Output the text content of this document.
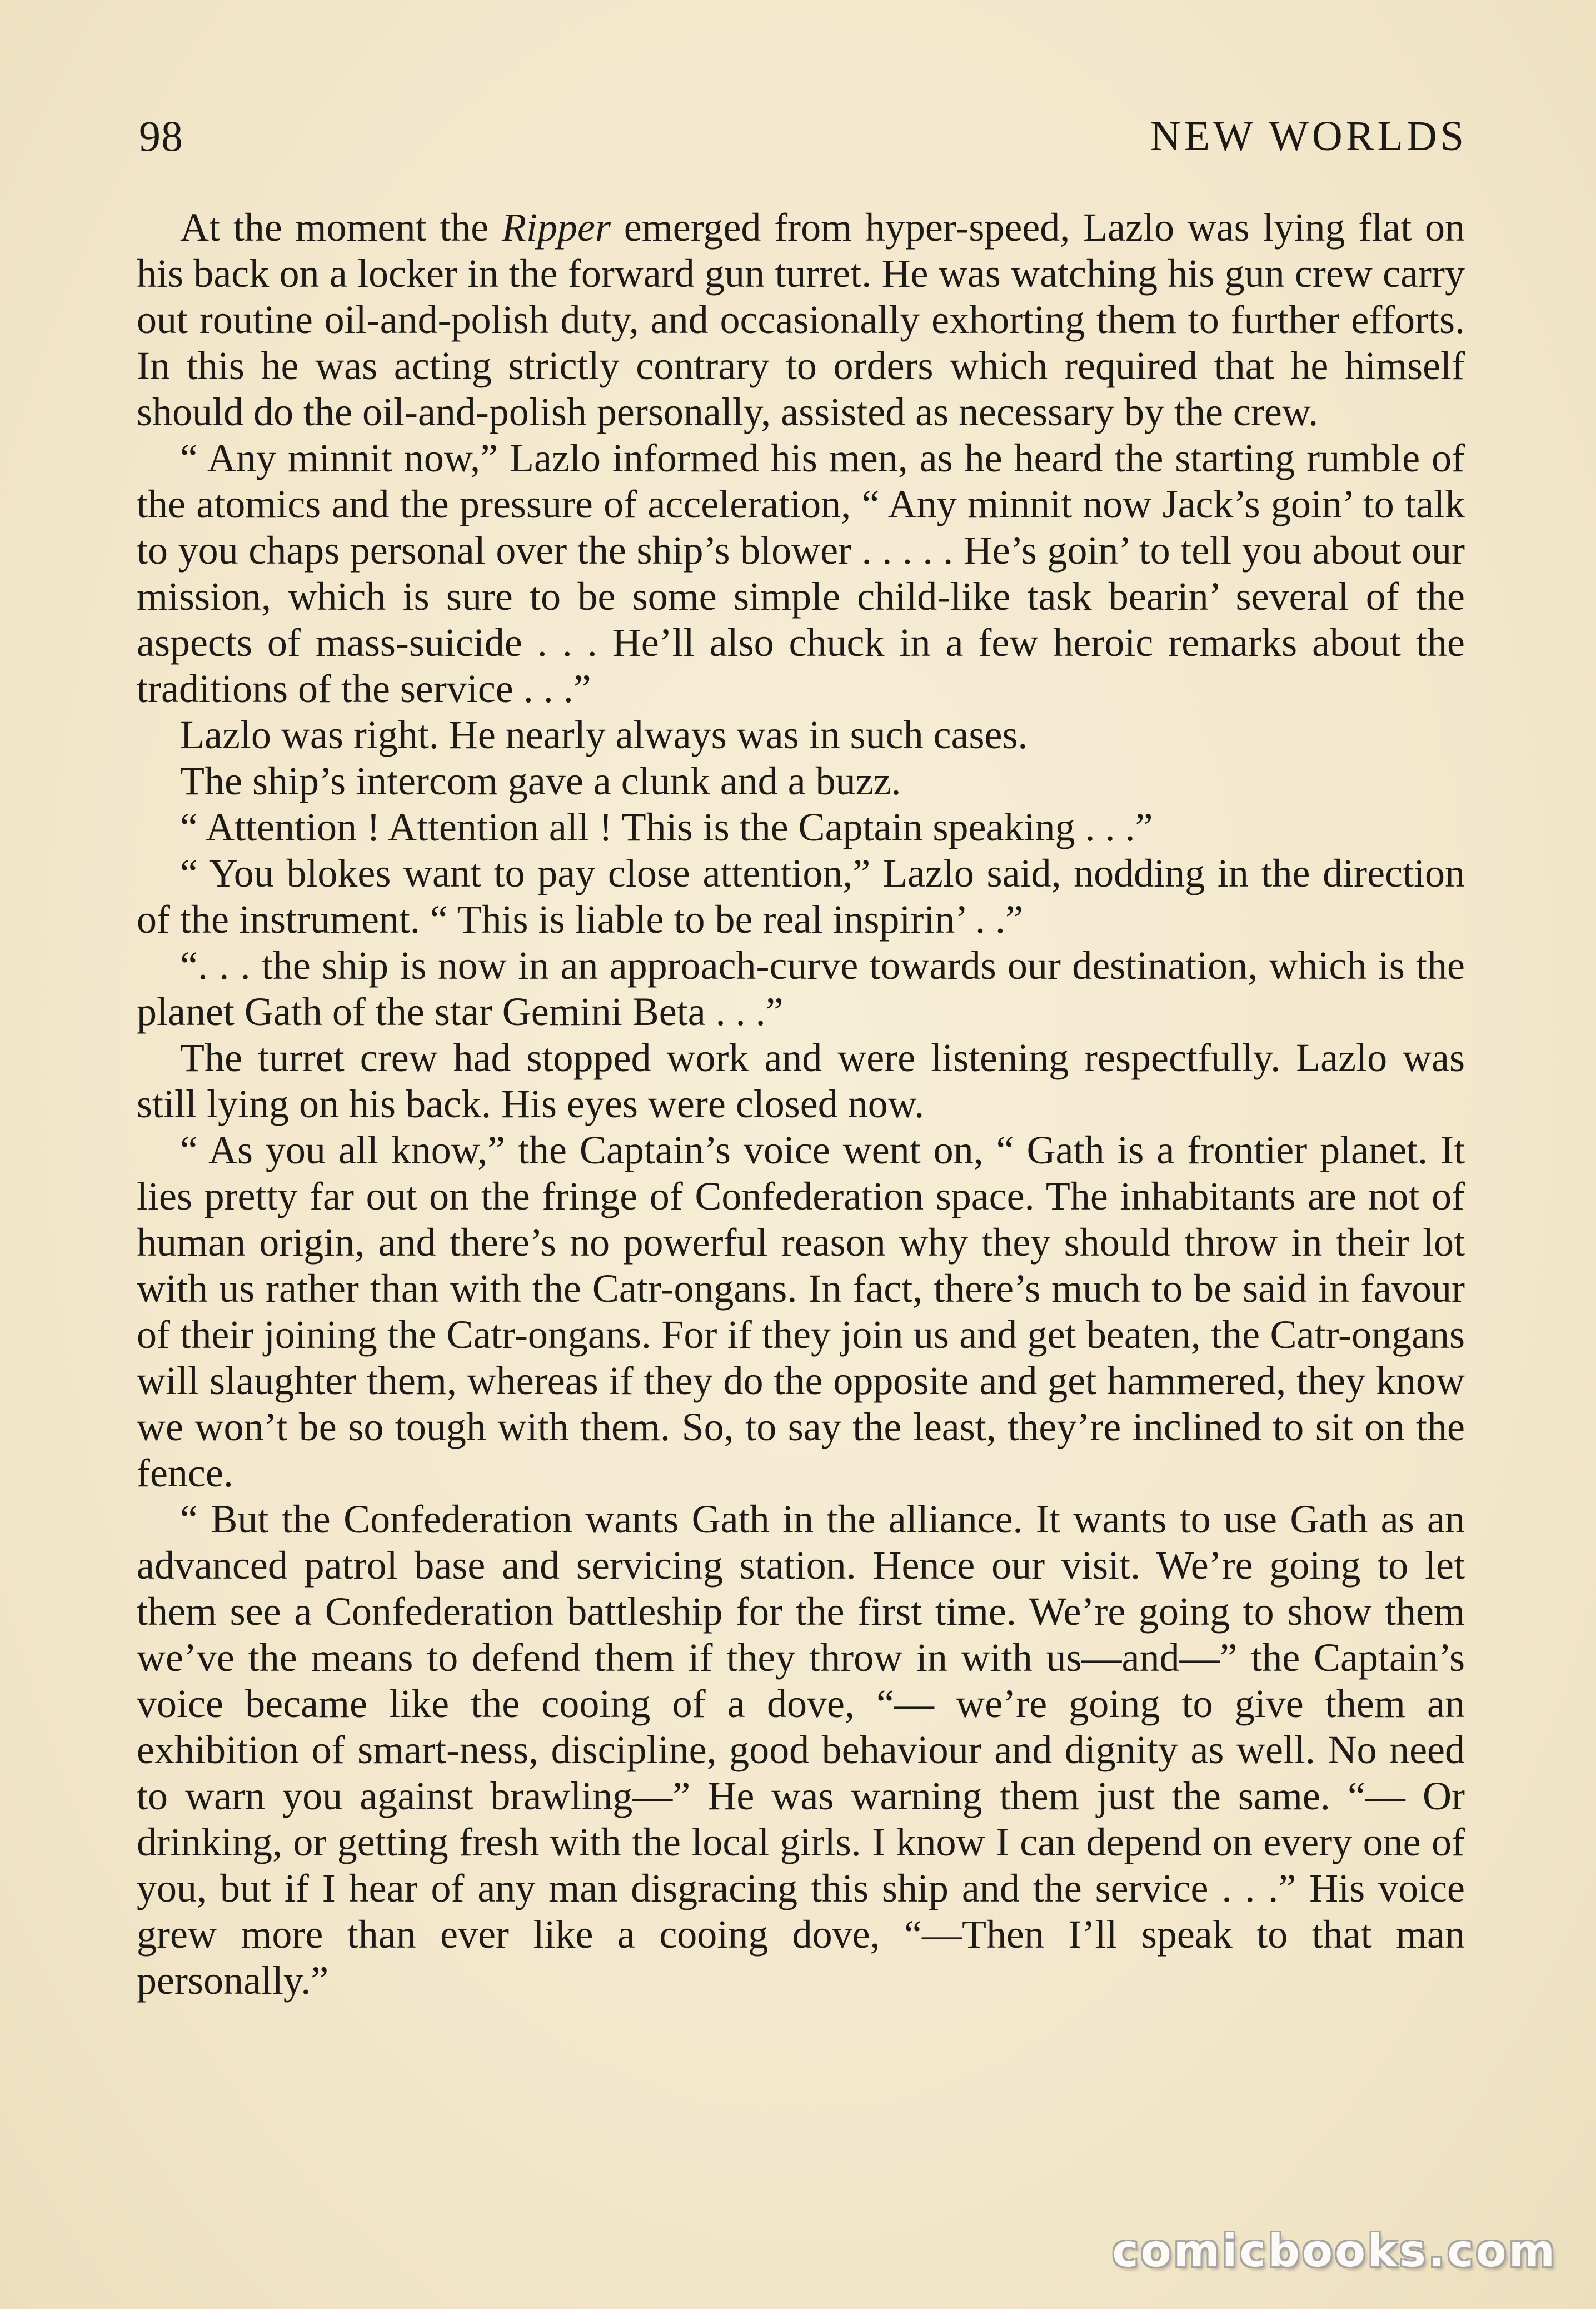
98	NEW WORLDS

At the moment the Ripper emerged from hyper-speed, Lazlo was lying flat on his back on a locker in the forward gun turret. He was watching his gun crew carry out routine oil-and-polish duty, and occasionally exhorting them to further efforts. In this he was acting strictly contrary to orders which required that he himself should do the oil-and-polish personally, assisted as necessary by the crew.

“ Any minnit now,” Lazlo informed his men, as he heard the starting rumble of the atomics and the pressure of acceleration, “ Any minnit now Jack’s goin’ to talk to you chaps personal over the ship’s blower . . . . . He’s goin’ to tell you about our mission, which is sure to be some simple child-like task bearin’ several of the aspects of mass-suicide . . . He’ll also chuck in a few heroic remarks about the traditions of the service . . .”

Lazlo was right. He nearly always was in such cases.

The ship’s intercom gave a clunk and a buzz.

“ Attention ! Attention all ! This is the Captain speaking . . .”

“ You blokes want to pay close attention,” Lazlo said, nodding in the direction of the instrument. “ This is liable to be real inspirin’ . .”

“. . . the ship is now in an approach-curve towards our destination, which is the planet Gath of the star Gemini Beta . . .”

The turret crew had stopped work and were listening respectfully. Lazlo was still lying on his back. His eyes were closed now.

“ As you all know,” the Captain’s voice went on, “ Gath is a frontier planet. It lies pretty far out on the fringe of Confederation space. The inhabitants are not of human origin, and there’s no powerful reason why they should throw in their lot with us rather than with the Catr-ongans. In fact, there’s much to be said in favour of their joining the Catr-ongans. For if they join us and get beaten, the Catr-ongans will slaughter them, whereas if they do the opposite and get hammered, they know we won’t be so tough with them. So, to say the least, they’re inclined to sit on the fence.

“ But the Confederation wants Gath in the alliance. It wants to use Gath as an advanced patrol base and servicing station. Hence our visit. We’re going to let them see a Confederation battleship for the first time. We’re going to show them we’ve the means to defend them if they throw in with us—and—” the Captain’s voice became like the cooing of a dove, “— we’re going to give them an exhibition of smart-ness, discipline, good behaviour and dignity as well. No need to warn you against brawling—” He was warning them just the same. “— Or drinking, or getting fresh with the local girls. I know I can depend on every one of you, but if I hear of any man disgracing this ship and the service . . .” His voice grew more than ever like a cooing dove, “—Then I’ll speak to that man personally.”

comicbooks.com
